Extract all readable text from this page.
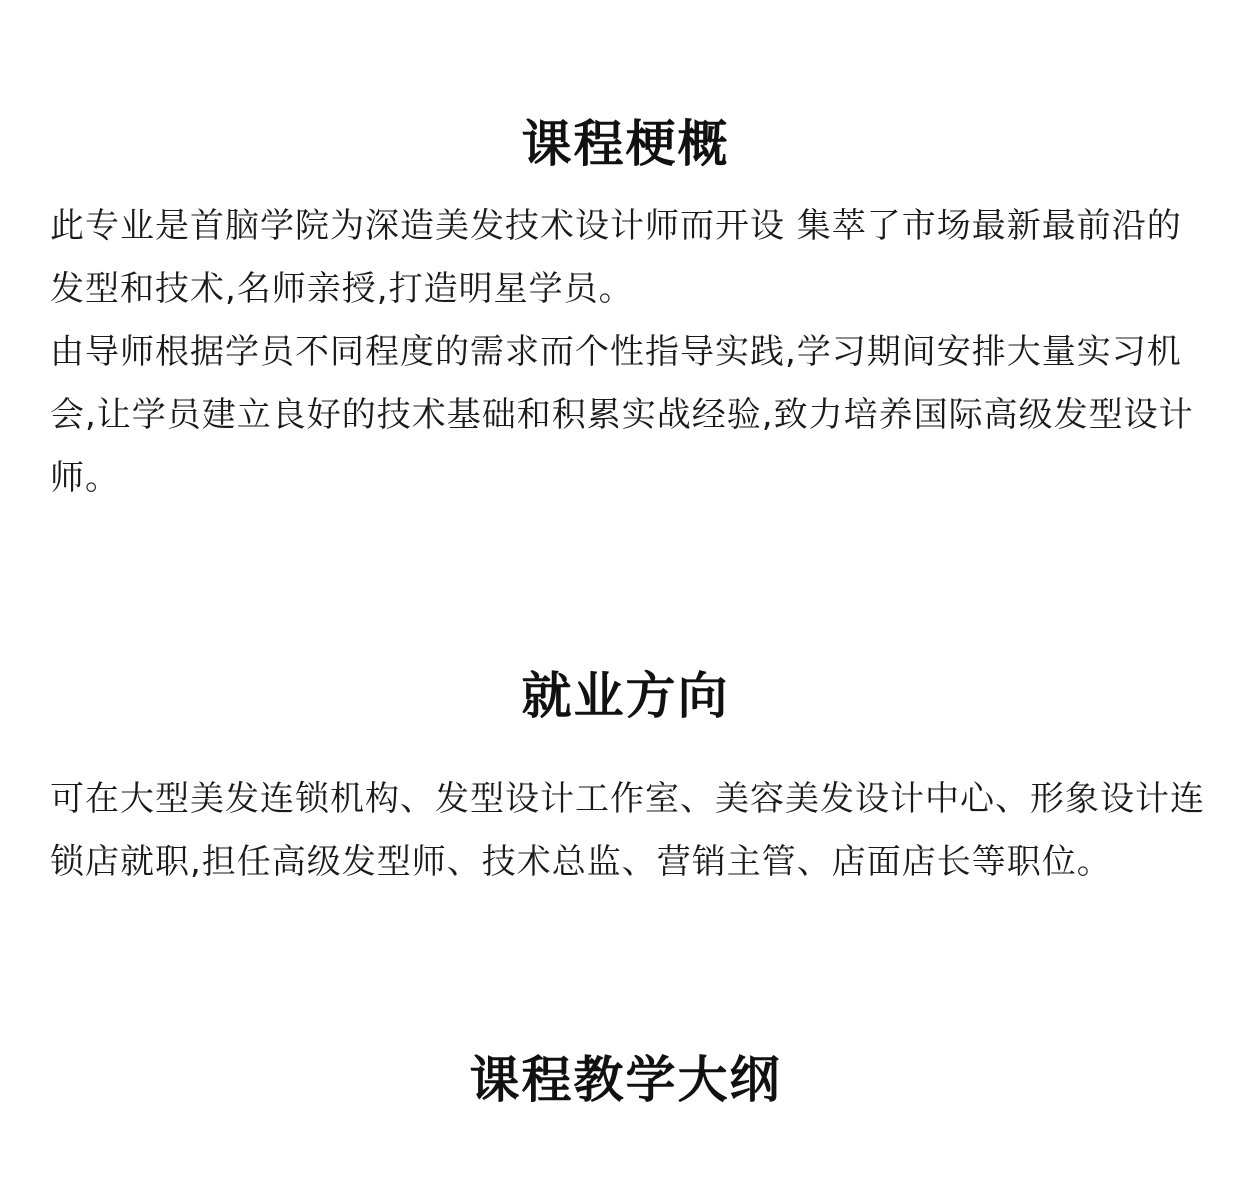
课程梗概

此专业是首脑学院为深造美发技术设计师而开设 集萃了市场最新最前沿的发型和技术,名师亲授,打造明星学员。

由导师根据学员不同程度的需求而个性指导实践,学习期间安排大量实习机会,让学员建立良好的技术基础和积累实战经验,致力培养国际高级发型设计师。

就业方向

可在大型美发连锁机构、发型设计工作室、美容美发设计中心、形象设计连锁店就职,担任高级发型师、技术总监、营销主管、店面店长等职位。

课程教学大纲
